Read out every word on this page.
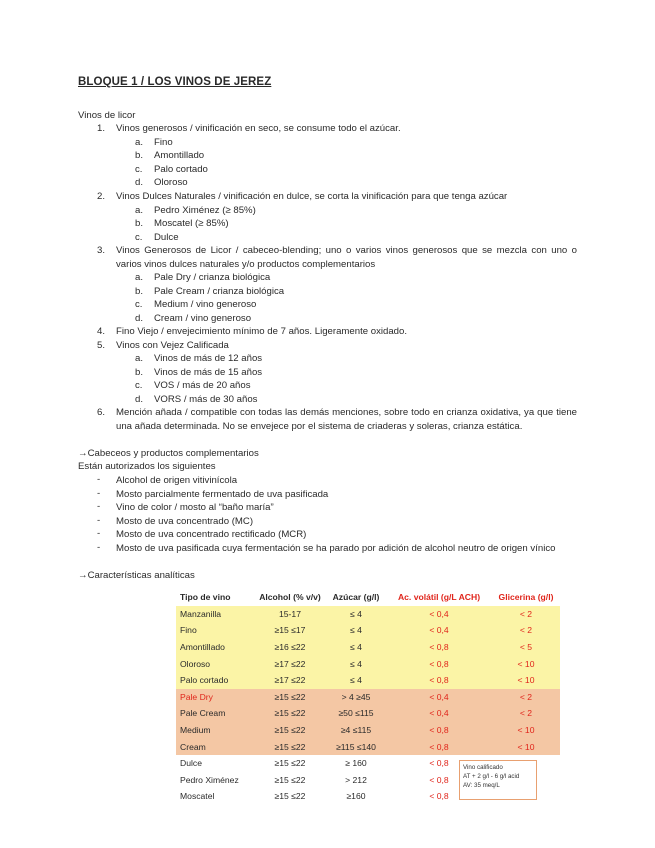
BLOQUE 1 / LOS VINOS DE JEREZ
Vinos de licor
1. Vinos generosos / vinificación en seco, se consume todo el azúcar.
a. Fino
b. Amontillado
c. Palo cortado
d. Oloroso
2. Vinos Dulces Naturales / vinificación en dulce, se corta la vinificación para que tenga azúcar
a. Pedro Ximénez (≥ 85%)
b. Moscatel (≥ 85%)
c. Dulce
3. Vinos Generosos de Licor / cabeceo-blending; uno o varios vinos generosos que se mezcla con uno o varios vinos dulces naturales y/o productos complementarios
a. Pale Dry / crianza biológica
b. Pale Cream / crianza biológica
c. Medium / vino generoso
d. Cream / vino generoso
4. Fino Viejo / envejecimiento mínimo de 7 años. Ligeramente oxidado.
5. Vinos con Vejez Calificada
a. Vinos de más de 12 años
b. Vinos de más de 15 años
c. VOS / más de 20 años
d. VORS / más de 30 años
6. Mención añada / compatible con todas las demás menciones, sobre todo en crianza oxidativa, ya que tiene una añada determinada. No se envejece por el sistema de criaderas y soleras, crianza estática.
→Cabeceos y productos complementarios
Están autorizados los siguientes
- Alcohol de origen vitivinícola
- Mosto parcialmente fermentado de uva pasificada
- Vino de color / mosto al “baño maría”
- Mosto de uva concentrado (MC)
- Mosto de uva concentrado rectificado (MCR)
- Mosto de uva pasificada cuya fermentación se ha parado por adición de alcohol neutro de origen vínico
→Características analíticas
Tipo de vino	Alcohol (% v/v)	Azúcar (g/l)	Ac. volátil (g/L ACH)	Glicerina (g/l)
Manzanilla	15-17	≤ 4	< 0,4	< 2
Fino	≥15 ≤17	≤ 4	< 0,4	< 2
Amontillado	≥16 ≤22	≤ 4	< 0,8	< 5
Oloroso	≥17 ≤22	≤ 4	< 0,8	< 10
Palo cortado	≥17 ≤22	≤ 4	< 0,8	< 10
Pale Dry	≥15 ≤22	> 4 ≥45	< 0,4	< 2
Pale Cream	≥15 ≤22	≥50 ≤115	< 0,4	< 2
Medium	≥15 ≤22	≥4 ≤115	< 0,8	< 10
Cream	≥15 ≤22	≥115 ≤140	< 0,8	< 10
Dulce	≥15 ≤22	≥ 160	< 0,8	
Pedro Ximénez	≥15 ≤22	> 212	< 0,8	
Moscatel	≥15 ≤22	≥160	< 0,8	
Vino calificado
AT + 2 g/l - 6 g/l acid
AV: 35 meq/L
